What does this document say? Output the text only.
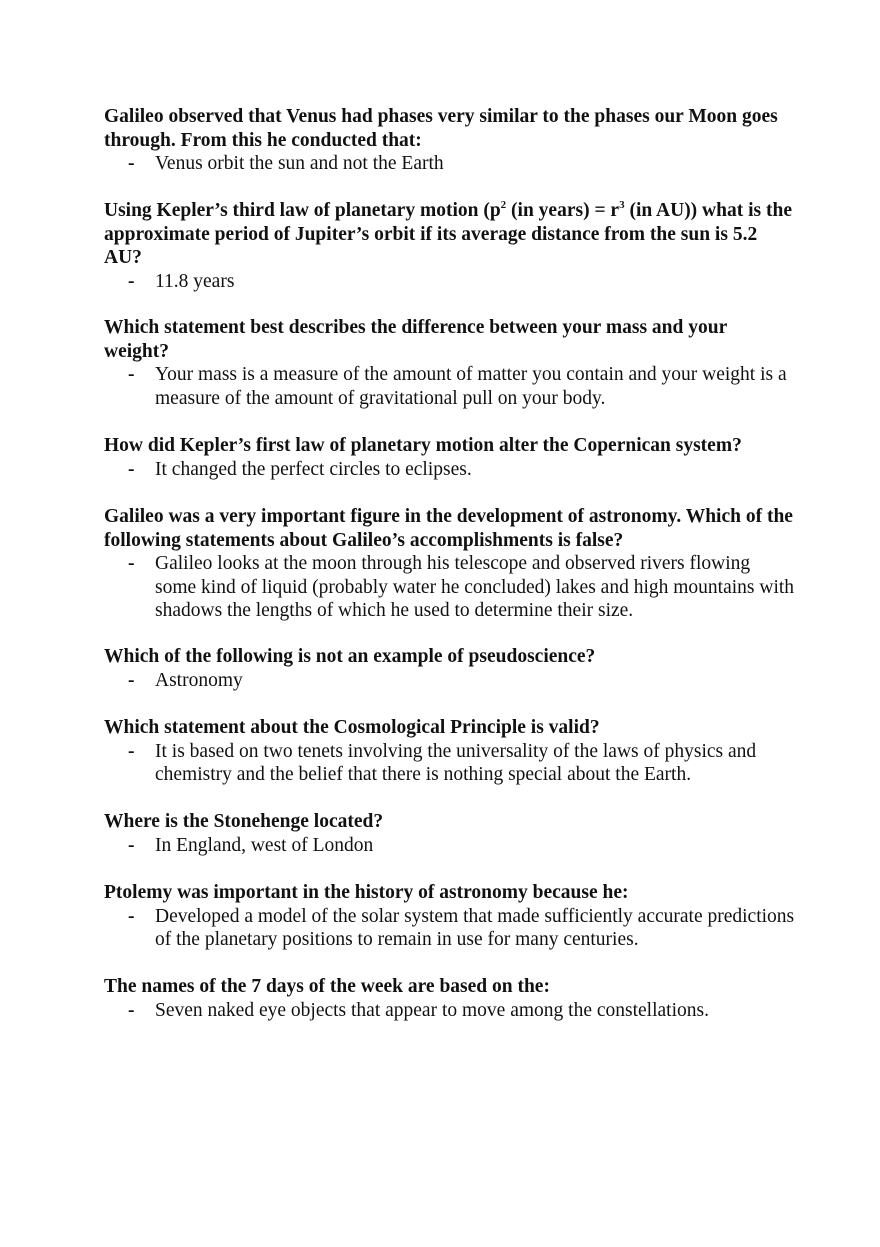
Galileo observed that Venus had phases very similar to the phases our Moon goes through. From this he conducted that:

- Venus orbit the sun and not the Earth

Using Kepler’s third law of planetary motion ($p^2$ (in years) = $r^3$ (in AU)) what is the approximate period of Jupiter’s orbit if its average distance from the sun is 5.2 AU?

- 11.8 years

Which statement best describes the difference between your mass and your weight?

- Your mass is a measure of the amount of matter you contain and your weight is a measure of the amount of gravitational pull on your body.

How did Kepler’s first law of planetary motion alter the Copernican system?

- It changed the perfect circles to eclipses.

Galileo was a very important figure in the development of astronomy. Which of the following statements about Galileo’s accomplishments is false?

- Galileo looks at the moon through his telescope and observed rivers flowing some kind of liquid (probably water he concluded) lakes and high mountains with shadows the lengths of which he used to determine their size.

Which of the following is not an example of pseudoscience?

- Astronomy

Which statement about the Cosmological Principle is valid?

- It is based on two tenets involving the universality of the laws of physics and chemistry and the belief that there is nothing special about the Earth.

Where is the Stonehenge located?

- In England, west of London

Ptolemy was important in the history of astronomy because he:

- Developed a model of the solar system that made sufficiently accurate predictions of the planetary positions to remain in use for many centuries.

The names of the 7 days of the week are based on the:

- Seven naked eye objects that appear to move among the constellations.
